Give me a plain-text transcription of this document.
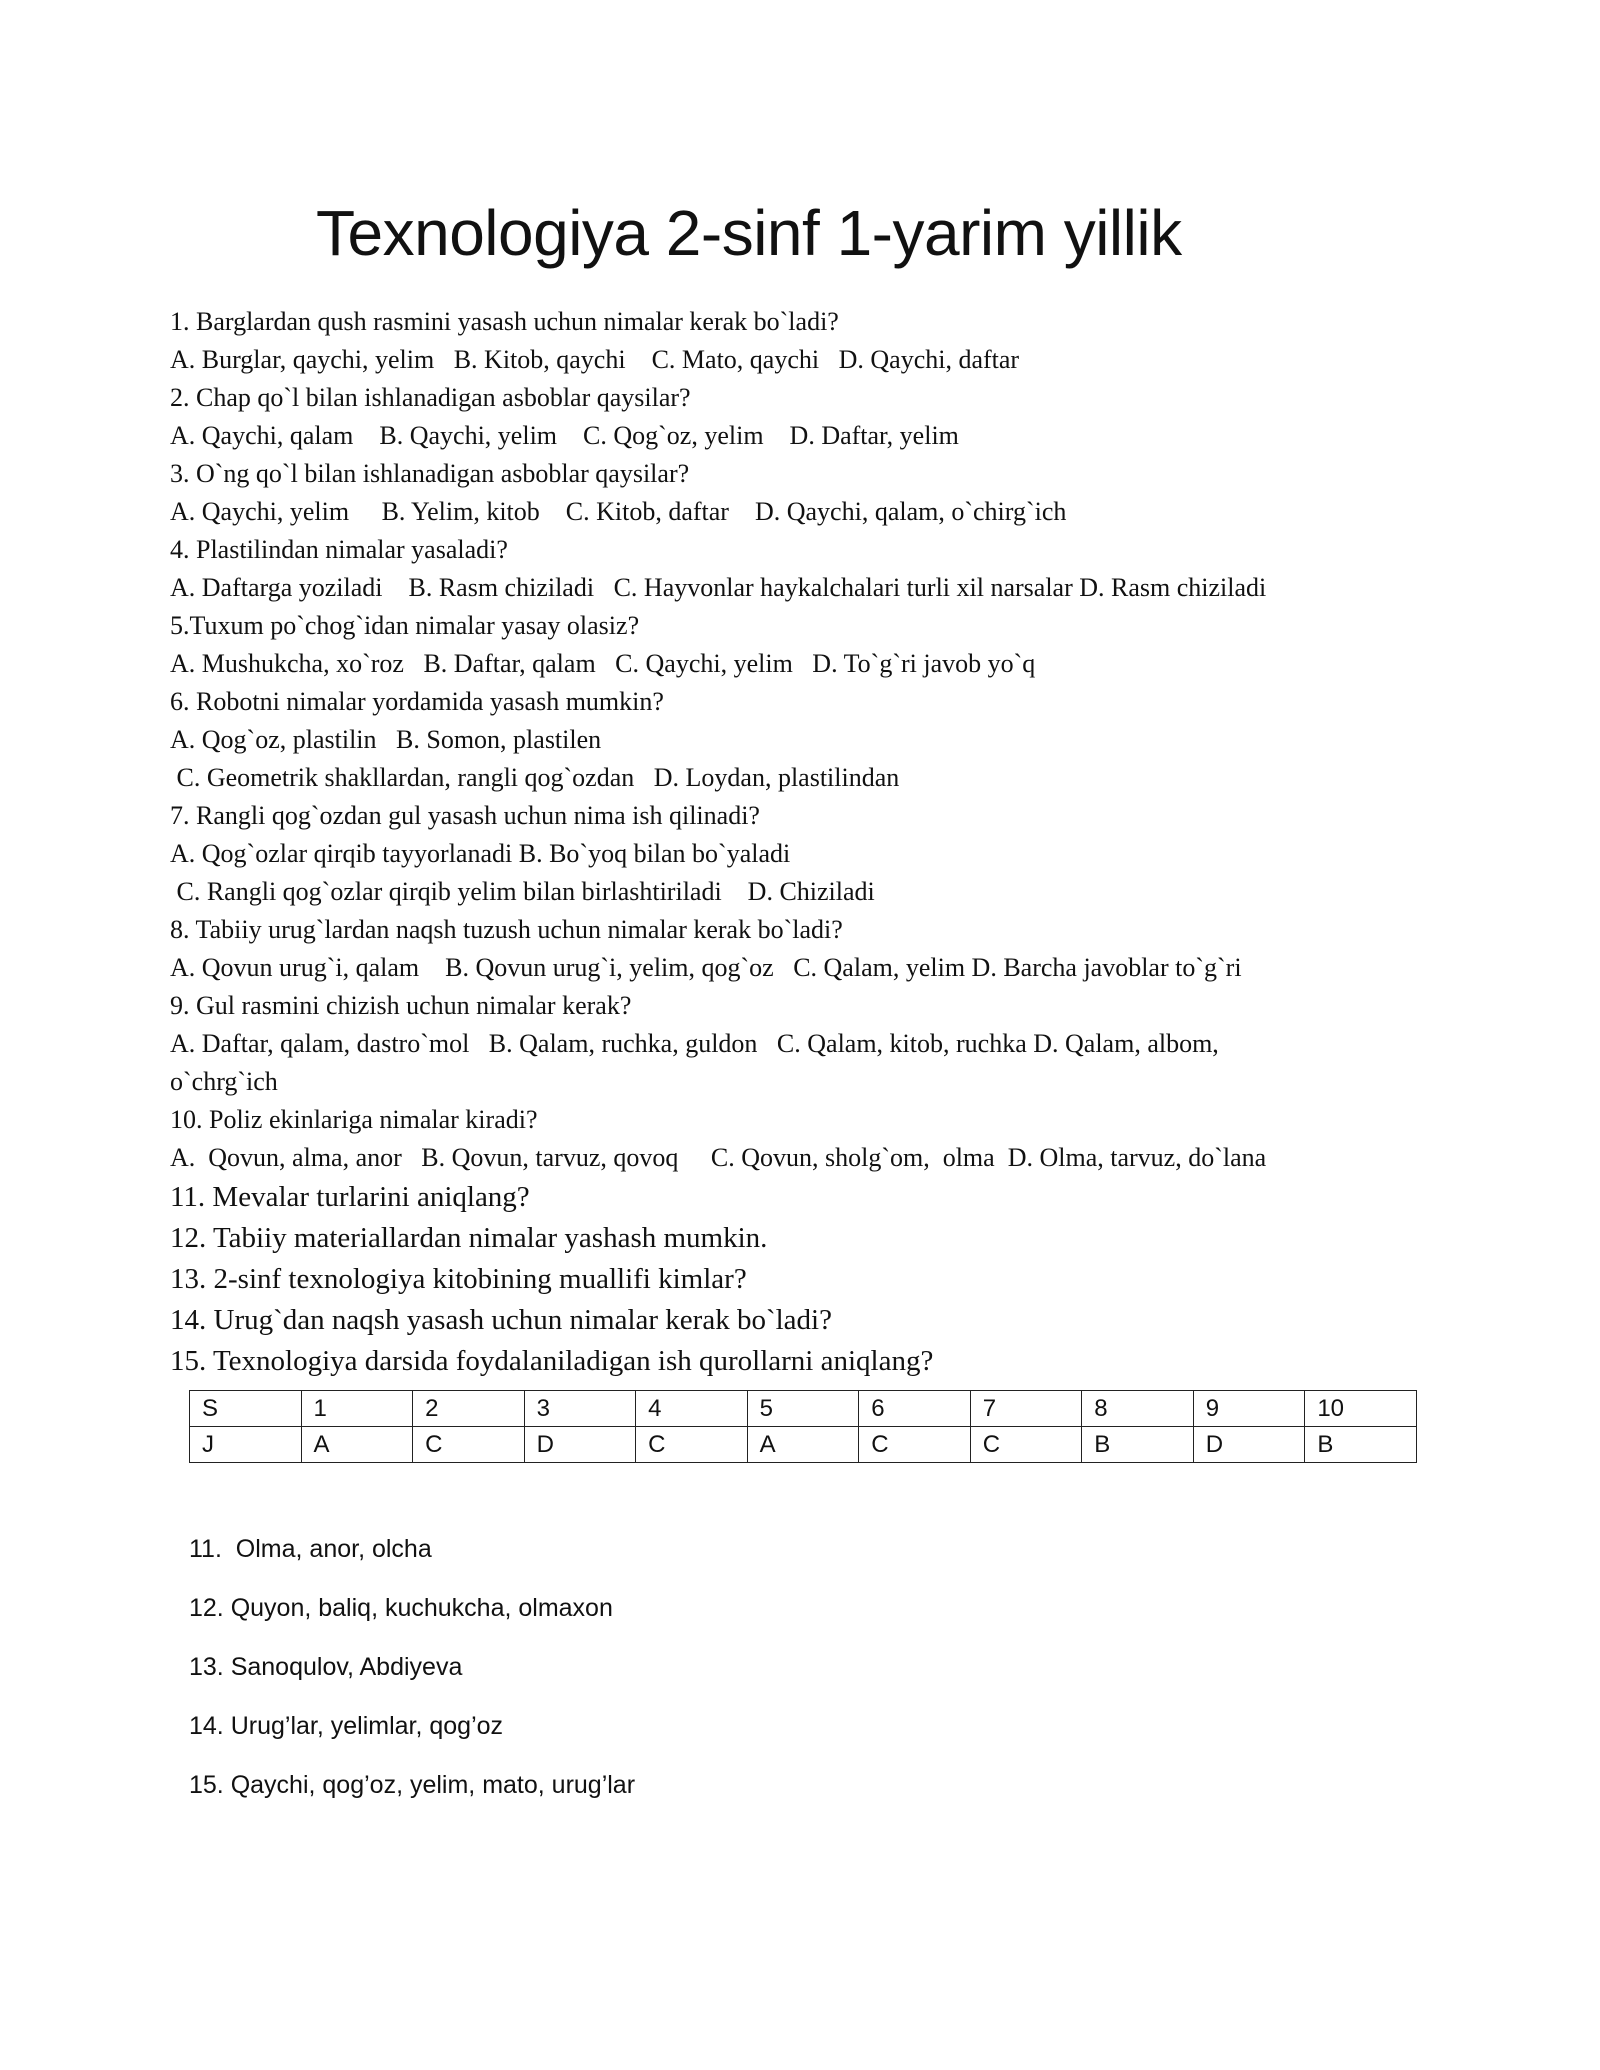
Texnologiya 2-sinf 1-yarim yillik
1. Barglardan qush rasmini yasash uchun nimalar kerak bo`ladi?
A. Burglar, qaychi, yelim   B. Kitob, qaychi    C. Mato, qaychi   D. Qaychi, daftar
2. Chap qo`l bilan ishlanadigan asboblar qaysilar?
A. Qaychi, qalam    B. Qaychi, yelim    C. Qog`oz, yelim    D. Daftar, yelim
3. O`ng qo`l bilan ishlanadigan asboblar qaysilar?
A. Qaychi, yelim     B. Yelim, kitob    C. Kitob, daftar    D. Qaychi, qalam, o`chirg`ich
4. Plastilindan nimalar yasaladi?
A. Daftarga yoziladi    B. Rasm chiziladi   C. Hayvonlar haykalchalari turli xil narsalar D. Rasm chiziladi
5.Tuxum po`chog`idan nimalar yasay olasiz?
A. Mushukcha, xo`roz   B. Daftar, qalam   C. Qaychi, yelim   D. To`g`ri javob yo`q
6. Robotni nimalar yordamida yasash mumkin?
A. Qog`oz, plastilin   B. Somon, plastilen
C. Geometrik shakllardan, rangli qog`ozdan   D. Loydan, plastilindan
7. Rangli qog`ozdan gul yasash uchun nima ish qilinadi?
A. Qog`ozlar qirqib tayyorlanadi B. Bo`yoq bilan bo`yaladi
C. Rangli qog`ozlar qirqib yelim bilan birlashtiriladi    D. Chiziladi
8. Tabiiy urug`lardan naqsh tuzush uchun nimalar kerak bo`ladi?
A. Qovun urug`i, qalam    B. Qovun urug`i, yelim, qog`oz   C. Qalam, yelim D. Barcha javoblar to`g`ri
9. Gul rasmini chizish uchun nimalar kerak?
A. Daftar, qalam, dastro`mol   B. Qalam, ruchka, guldon   C. Qalam, kitob, ruchka D. Qalam, albom,
o`chrg`ich
10. Poliz ekinlariga nimalar kiradi?
A.  Qovun, alma, anor   B. Qovun, tarvuz, qovoq     C. Qovun, sholg`om,  olma  D. Olma, tarvuz, do`lana
11. Mevalar turlarini aniqlang?
12. Tabiiy materiallardan nimalar yashash mumkin.
13. 2-sinf texnologiya kitobining muallifi kimlar?
14. Urug`dan naqsh yasash uchun nimalar kerak bo`ladi?
15. Texnologiya darsida foydalaniladigan ish qurollarni aniqlang?
S	1	2	3	4	5	6	7	8	9	10
J	A	C	D	C	A	C	C	B	D	B
11.  Olma, anor, olcha
12. Quyon, baliq, kuchukcha, olmaxon
13. Sanoqulov, Abdiyeva
14. Urug’lar, yelimlar, qog’oz
15. Qaychi, qog’oz, yelim, mato, urug’lar
